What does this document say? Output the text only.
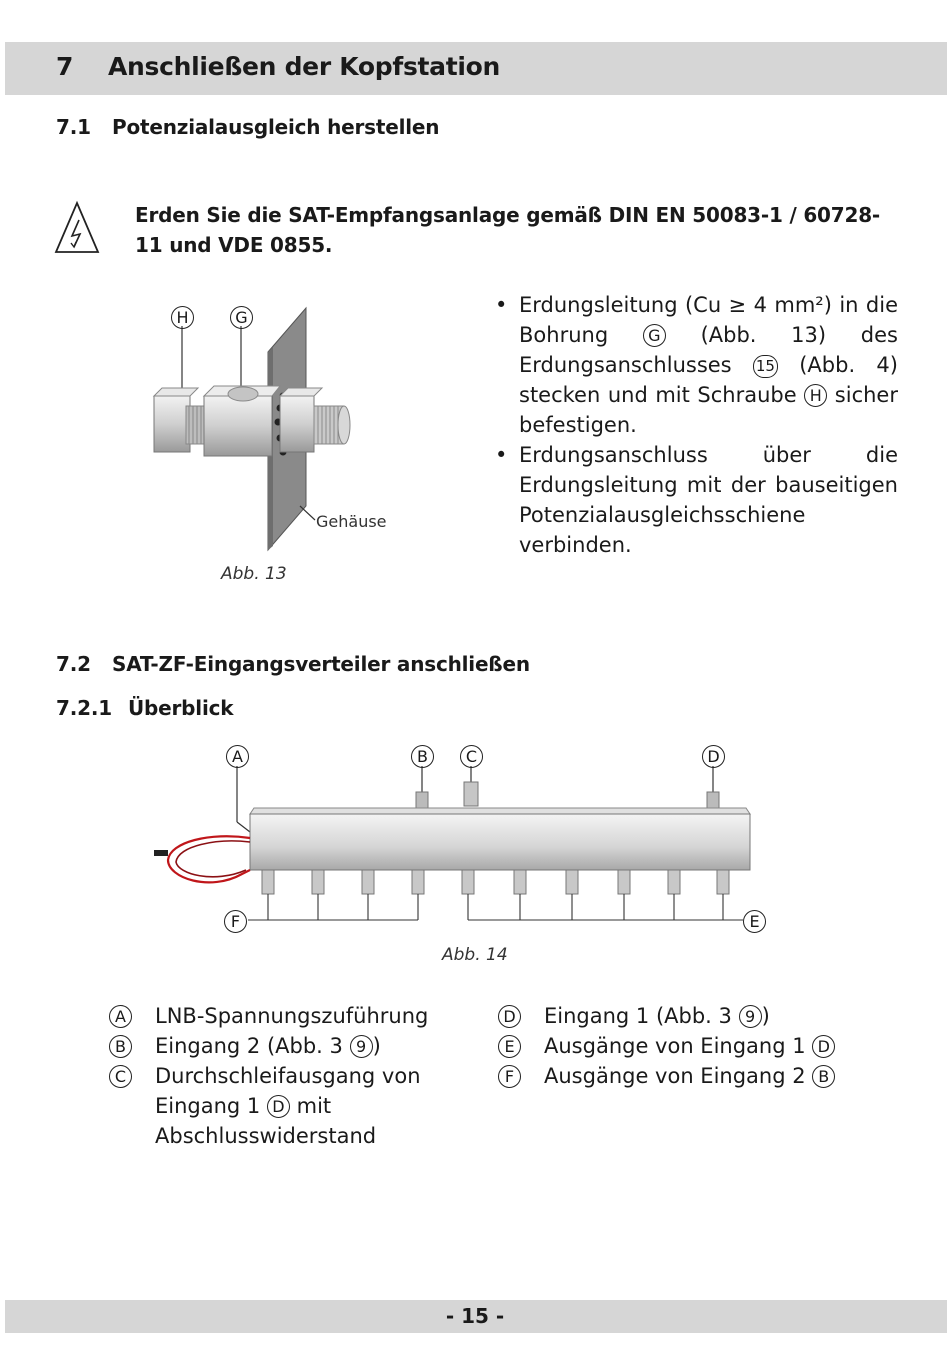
7 Anschließen der Kopfstation
7.1 Potenzialausgleich herstellen
Erden Sie die SAT-Empfangsanlage gemäß DIN EN 50083-1 / 60728-11 und VDE 0855.
H	G
Gehäuse
Abb. 13
• Erdungsleitung (Cu ≥ 4 mm²) in die Bohrung G (Abb. 13) des Erdungsanschlusses 15 (Abb. 4) stecken und mit Schraube H sicher befestigen.
• Erdungsanschluss über die Erdungsleitung mit der bauseitigen Potenzialausgleichsschiene verbinden.
7.2 SAT-ZF-Eingangsverteiler anschließen
7.2.1 Überblick
A	B	C	D
F	E
Abb. 14
A LNB-Spannungszuführung
B Eingang 2 (Abb. 3 9 )
C Durchschleifausgang von
Eingang 1 D mit
Abschlusswiderstand
D Eingang 1 (Abb. 3 9 )
E	Ausgänge von Eingang 1 D
F	Ausgänge von Eingang 2 B
- 15 -
